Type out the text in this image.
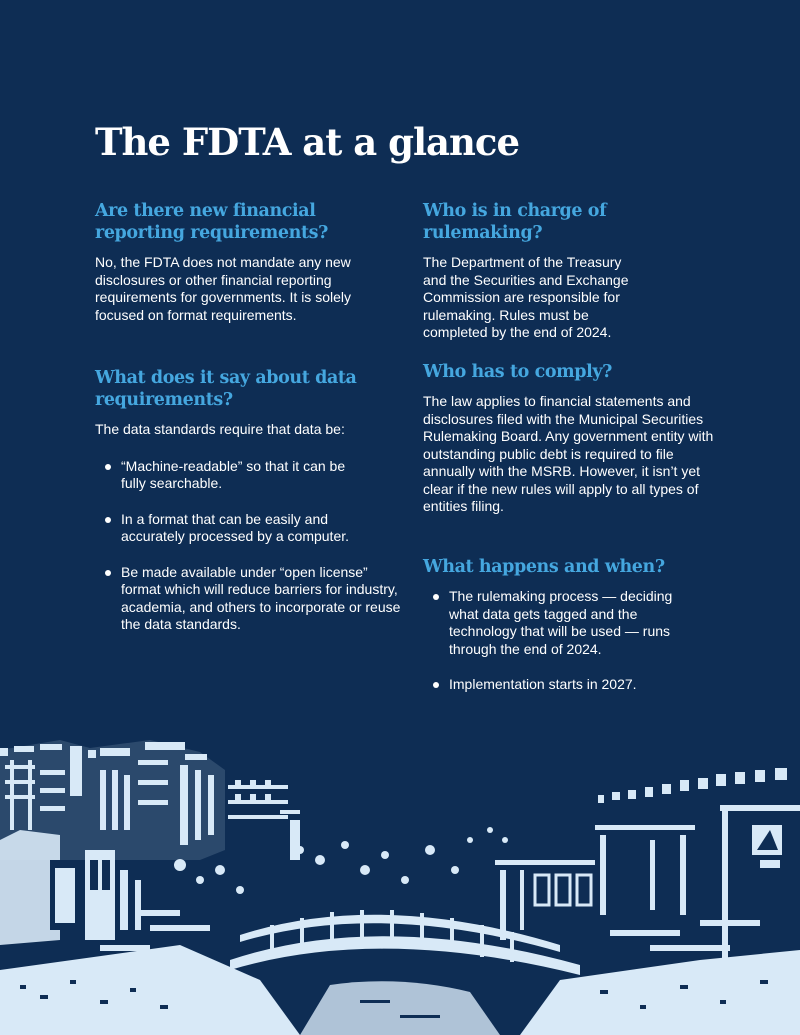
The FDTA at a glance
Are there new financial reporting requirements?

No, the FDTA does not mandate any new disclosures or other financial reporting requirements for governments. It is solely focused on format requirements.

Who is in charge of rulemaking?

The Department of the Treasury and the Securities and Exchange Commission are responsible for rulemaking. Rules must be completed by the end of 2024.

What does it say about data requirements?

The data standards require that data be:

“Machine-readable” so that it can be fully searchable.
In a format that can be easily and accurately processed by a computer.
Be made available under “open license” format which will reduce barriers for industry, academia, and others to incorporate or reuse the data standards.
Who has to comply?

The law applies to financial statements and disclosures filed with the Municipal Securities Rulemaking Board. Any government entity with outstanding public debt is required to file annually with the MSRB. However, it isn’t yet clear if the new rules will apply to all types of entities filing.

What happens and when?
The rulemaking process — deciding what data gets tagged and the technology that will be used — runs through the end of 2024.
Implementation starts in 2027.
